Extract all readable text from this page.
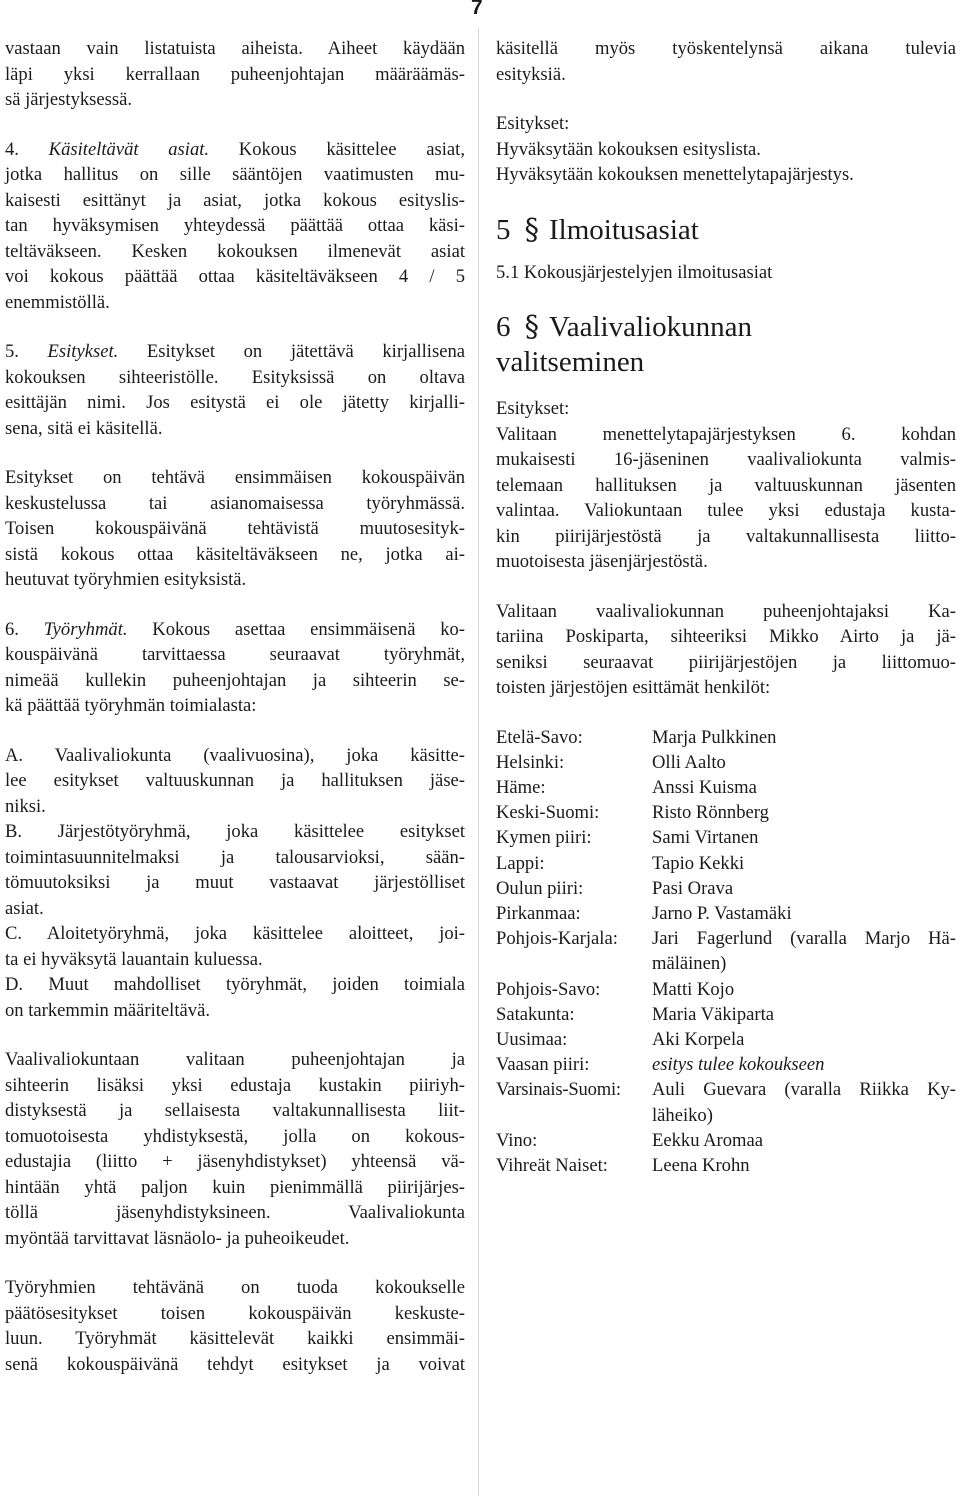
7

vastaan vain listatuista aiheista. Aiheet käydään
läpi yksi kerrallaan puheenjohtajan määräämäs-
sä järjestyksessä.

4. Käsiteltävät asiat. Kokous käsittelee asiat,
jotka hallitus on sille sääntöjen vaatimusten mu-
kaisesti esittänyt ja asiat, jotka kokous esityslis-
tan hyväksymisen yhteydessä päättää ottaa käsi-
teltäväkseen. Kesken kokouksen ilmenevät asiat
voi kokous päättää ottaa käsiteltäväkseen 4 / 5
enemmistöllä.

5. Esitykset. Esitykset on jätettävä kirjallisena
kokouksen sihteeristölle. Esityksissä on oltava
esittäjän nimi. Jos esitystä ei ole jätetty kirjalli-
sena, sitä ei käsitellä.

Esitykset on tehtävä ensimmäisen kokouspäivän
keskustelussa tai asianomaisessa työryhmässä.
Toisen kokouspäivänä tehtävistä muutosesityk-
sistä kokous ottaa käsiteltäväkseen ne, jotka ai-
heutuvat työryhmien esityksistä.

6. Työryhmät. Kokous asettaa ensimmäisenä ko-
kouspäivänä tarvittaessa seuraavat työryhmät,
nimeää kullekin puheenjohtajan ja sihteerin se-
kä päättää työryhmän toimialasta:

A. Vaalivaliokunta (vaalivuosina), joka käsitte-
lee esitykset valtuuskunnan ja hallituksen jäse-
niksi.
B. Järjestötyöryhmä, joka käsittelee esitykset
toimintasuunnitelmaksi ja talousarvioksi, sään-
tömuutoksiksi ja muut vastaavat järjestölliset
asiat.
C. Aloitetyöryhmä, joka käsittelee aloitteet, joi-
ta ei hyväksytä lauantain kuluessa.
D. Muut mahdolliset työryhmät, joiden toimiala
on tarkemmin määriteltävä.

Vaalivaliokuntaan valitaan puheenjohtajan ja
sihteerin lisäksi yksi edustaja kustakin piiriyh-
distyksestä ja sellaisesta valtakunnallisesta liit-
tomuotoisesta yhdistyksestä, jolla on kokous-
edustajia (liitto + jäsenyhdistykset) yhteensä vä-
hintään yhtä paljon kuin pienimmällä piirijärjes-
töllä jäsenyhdistyksineen. Vaalivaliokunta
myöntää tarvittavat läsnäolo- ja puheoikeudet.

Työryhmien tehtävänä on tuoda kokoukselle
päätösesitykset toisen kokouspäivän keskuste-
luun. Työryhmät käsittelevät kaikki ensimmäi-
senä kokouspäivänä tehdyt esitykset ja voivat

käsitellä myös työskentelynsä aikana tulevia
esityksiä.

Esitykset:
Hyväksytään kokouksen esityslista.
Hyväksytään kokouksen menettelytapajärjestys.

5 § Ilmoitusasiat

5.1 Kokousjärjestelyjen ilmoitusasiat

6 § Vaalivaliokunnan
valitseminen

Esitykset:
Valitaan menettelytapajärjestyksen 6. kohdan
mukaisesti 16-jäseninen vaalivaliokunta valmis-
telemaan hallituksen ja valtuuskunnan jäsenten
valintaa. Valiokuntaan tulee yksi edustaja kusta-
kin piirijärjestöstä ja valtakunnallisesta liitto-
muotoisesta jäsenjärjestöstä.

Valitaan vaalivaliokunnan puheenjohtajaksi Ka-
tariina Poskiparta, sihteeriksi Mikko Airto ja jä-
seniksi seuraavat piirijärjestöjen ja liittomuo-
toisten järjestöjen esittämät henkilöt:

Etelä-Savo:	Marja Pulkkinen
Helsinki:	Olli Aalto
Häme:	Anssi Kuisma
Keski-Suomi:	Risto Rönnberg
Kymen piiri:	Sami Virtanen
Lappi:	Tapio Kekki
Oulun piiri:	Pasi Orava
Pirkanmaa:	Jarno P. Vastamäki
Pohjois-Karjala:	Jari Fagerlund (varalla Marjo Hä-
mäläinen)

Pohjois-Savo:	Matti Kojo
Satakunta:	Maria Väkiparta
Uusimaa:	Aki Korpela
Vaasan piiri:	esitys tulee kokoukseen
Varsinais-Suomi:	Auli Guevara (varalla Riikka Ky-
läheiko)

Vino:	Eekku Aromaa
Vihreät Naiset:	Leena Krohn
